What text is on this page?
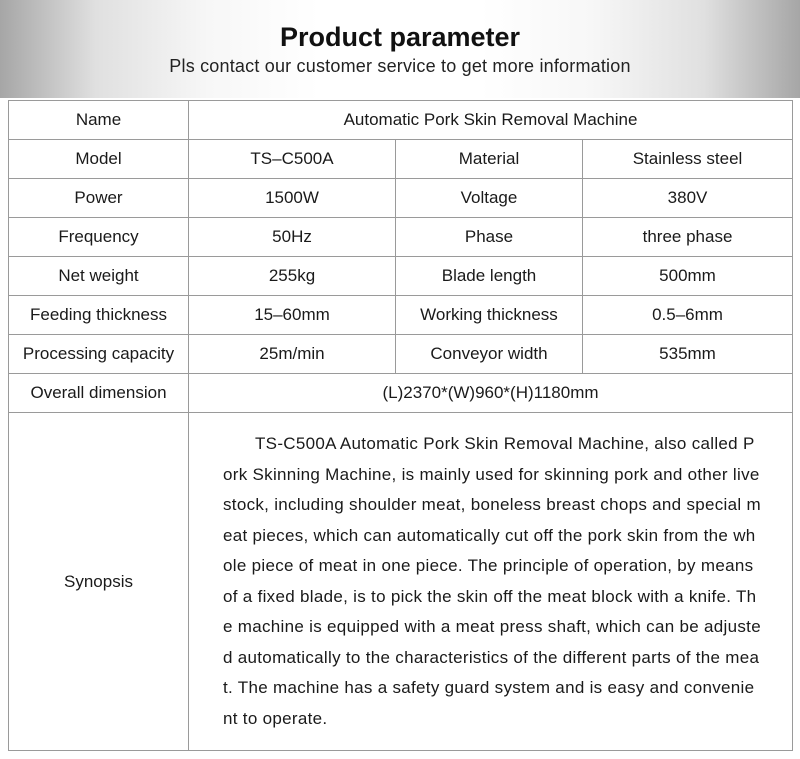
Product parameter
Pls contact our customer service to get more information
Name	Automatic Pork Skin Removal Machine		
Model	TS–C500A	Material	Stainless steel
Power	1500W	Voltage	380V
Frequency	50Hz	Phase	three phase
Net weight	255kg	Blade length	500mm
Feeding thickness	15–60mm	Working thickness	0.5–6mm
Processing capacity	25m/min	Conveyor width	535mm
Overall dimension	(L)2370*(W)960*(H)1180mm		
Synopsis	TS-C500A Automatic Pork Skin Removal Machine, also called Pork Skinning Machine, is mainly used for skinning pork and other livestock, including shoulder meat, boneless breast chops and special meat pieces, which can automatically cut off the pork skin from the whole piece of meat in one piece. The principle of operation, by means of a fixed blade, is to pick the skin off the meat block with a knife. The machine is equipped with a meat press shaft, which can be adjusted automatically to the characteristics of the different parts of the meat. The machine has a safety guard system and is easy and convenient to operate.		
